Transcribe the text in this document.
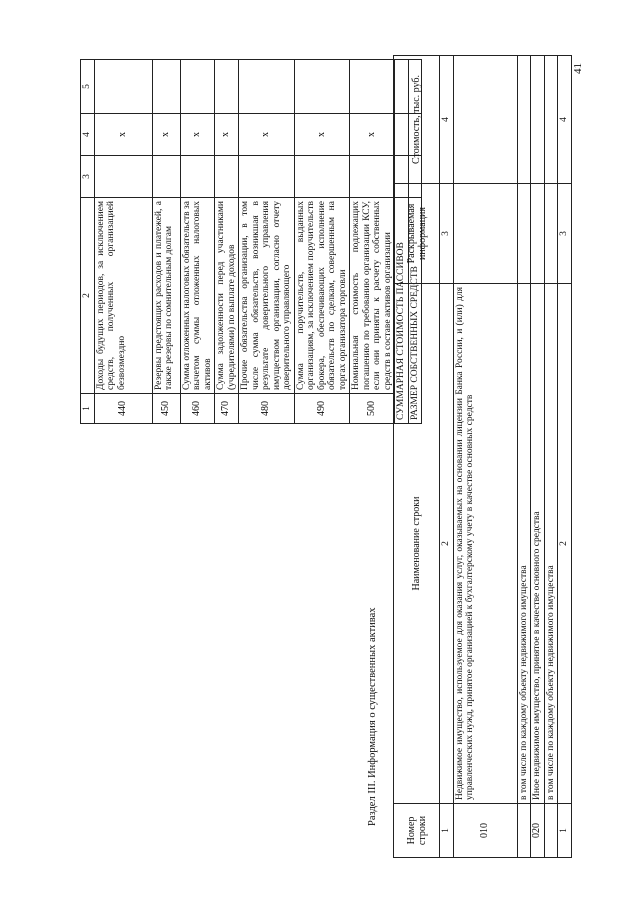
1	2	3	4	5
440	Доходы будущих периодов, за исключением средств, полученных организацией безвозмездно		x	
450	Резервы предстоящих расходов и платежей, а также резервы по сомнительным долгам		x	
460	Сумма отложенных налоговых обязательств за вычетом суммы отложенных налоговых активов		x	
470	Сумма задолженности перед участниками (учредителями) по выплате доходов		x	
480	Прочие обязательства организации, в том числе сумма обязательств, возникшая в результате доверительного управления имуществом организации, согласно отчету доверительного управляющего		x	
490	Сумма поручительств, выданных организациям, за исключением поручительств брокера, обеспечивающих исполнение обязательств по сделкам, совершенным на торгах организатора торговли		x	
500	Номинальная стоимость подлежащих погашению по требованию организации КСУ, если они приняты к расчету собственных средств в составе активов организации		x	
СУММАРНАЯ СТОИМОСТЬ ПАССИВОВ				
РАЗМЕР СОБСТВЕННЫХ СРЕДСТВ				
Раздел III. Информация о существенных активах
Номер строки	Наименование строки	Раскрываемая информация	Стоимость, тыс. руб.
1	2	3	4
010	Недвижимое имущество, используемое для оказания услуг, оказываемых на основании лицензии Банка России, и (или) для управленческих нужд, принятое организацией к бухгалтерскому учету в качестве основных средств		
	в том числе по каждому объекту недвижимого имущества		
020	Иное недвижимое имущество, принятое в качестве основного средства		
	в том числе по каждому объекту недвижимого имущества		
1	2	3	4
41
